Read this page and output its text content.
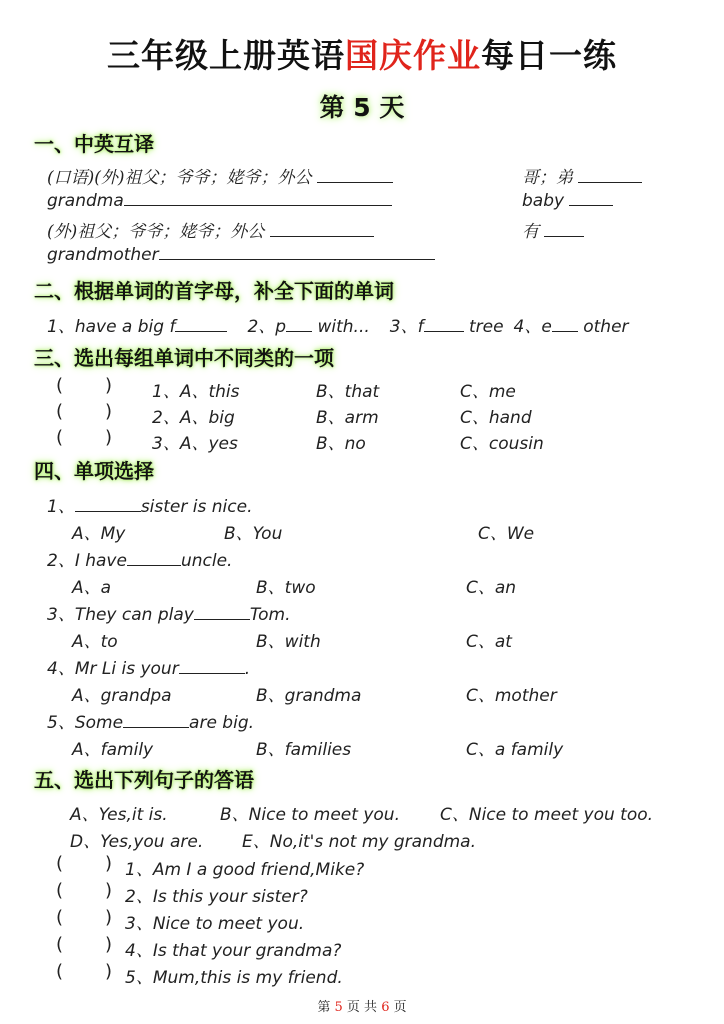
三年级上册英语国庆作业每日一练
第 5 天
一、中英互译
(口语)(外)祖父；爷爷；姥爷；外公	哥；弟
grandma	baby
(外)祖父；爷爷；姥爷；外公	有
grandmother
二、根据单词的首字母，补全下面的单词
1、have a big f	2、p with... 3、f	tree 4、e other
三、选出每组单词中不同类的一项
( ) 1、A、this	B、that	C、me
( ) 2、A、big	B、arm	C、hand
( ) 3、A、yes	B、no	C、cousin
四、单项选择
1、	sister is nice.
A、My	B、You	C、We
2、I have	uncle.
A、a	B、two	C、an
3、They can play	Tom.
A、to	B、with	C、at
4、Mr Li is your	.
A、grandpa	B、grandma	C、mother
5、Some	are big.
A、family	B、families	C、a family
五、选出下列句子的答语
A、Yes,it is.	B、Nice to meet you. C、Nice to meet you too.
D、Yes,you are. E、No,it's not my grandma.
( ) 1、Am I a good friend,Mike?
( ) 2、Is this your sister?
( ) 3、Nice to meet you.
( ) 4、Is that your grandma?
( ) 5、Mum,this is my friend.
第 5 页 共 6 页
